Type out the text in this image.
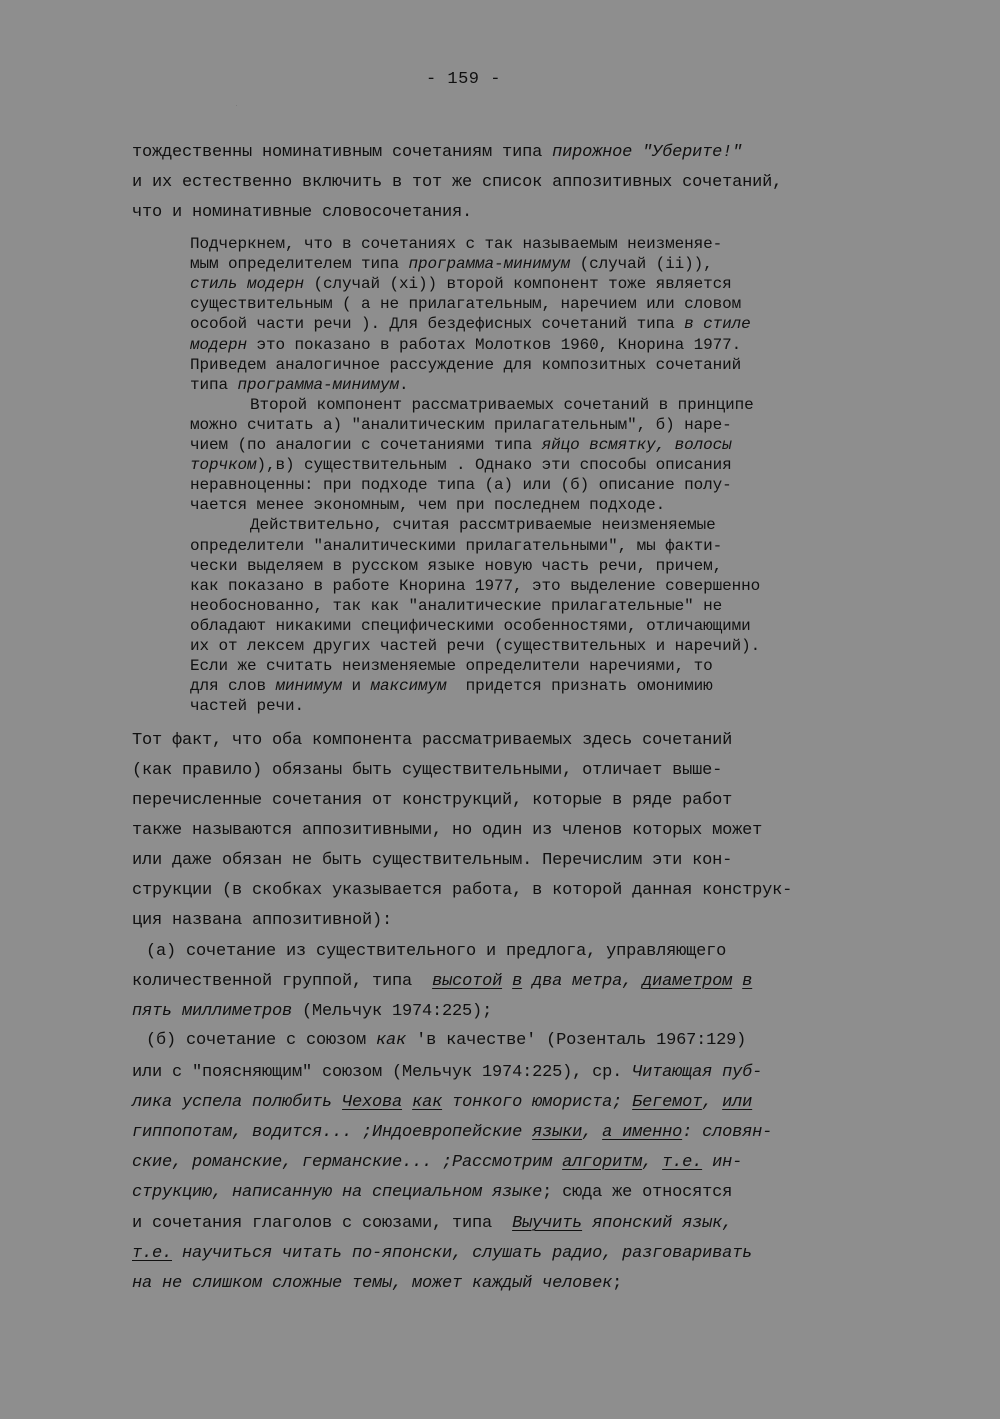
- 159 -
тождественны номинативным сочетаниям типа пирожное "Уберите!"
и их естественно включить в тот же список аппозитивных сочетаний,
что и номинативные словосочетания.
Подчеркнем, что в сочетаниях с так называемым неизменяе-
мым определителем типа программа-минимум (случай (ii)),
стиль модерн (случай (xi)) второй компонент тоже является
существительным ( а не прилагательным, наречием или словом
особой части речи ). Для бездефисных сочетаний типа в стиле
модерн это показано в работах Молотков 1960, Кнорина 1977.
Приведем аналогичное рассуждение для композитных сочетаний
типа программа-минимум.
Второй компонент рассматриваемых сочетаний в принципе
можно считать а) "аналитическим прилагательным", б) наре-
чием (по аналогии с сочетаниями типа яйцо всмятку, волосы
торчком),в) существительным . Однако эти способы описания
неравноценны: при подходе типа (а) или (б) описание полу-
чается менее экономным, чем при последнем подходе.
Действительно, считая рассмтриваемые неизменяемые
определители "аналитическими прилагательными", мы факти-
чески выделяем в русском языке новую часть речи, причем,
как показано в работе Кнорина 1977, это выделение совершенно
необоснованно, так как "аналитические прилагательные" не
обладают никакими специфическими особенностями, отличающими
их от лексем других частей речи (существительных и наречий).
Если же считать неизменяемые определители наречиями, то
для слов минимум и максимум  придется признать омонимию
частей речи.
Тот факт, что оба компонента рассматриваемых здесь сочетаний
(как правило) обязаны быть существительными, отличает выше-
перечисленные сочетания от конструкций, которые в ряде работ
также называются аппозитивными, но один из членов которых может
или даже обязан не быть существительным. Перечислим эти кон-
струкции (в скобках указывается работа, в которой данная конструк-
ция названа аппозитивной):
(а) сочетание из существительного и предлога, управляющего
количественной группой, типа  высотой в два метра, диаметром в
пять миллиметров (Мельчук 1974:225);
(б) сочетание с союзом как 'в качестве' (Розенталь 1967:129)
или с "поясняющим" союзом (Мельчук 1974:225), ср. Читающая пуб-
лика успела полюбить Чехова как тонкого юмориста; Бегемот, или
гиппопотам, водится... ;Индоевропейские языки, а именно: словян-
ские, романские, германские... ;Рассмотрим алгоритм, т.е. ин-
струкцию, написанную на специальном языке; сюда же относятся
и сочетания глаголов с союзами, типа  Выучить японский язык,
т.е. научиться читать по-японски, слушать радио, разговаривать
на не слишком сложные темы, может каждый человек;
